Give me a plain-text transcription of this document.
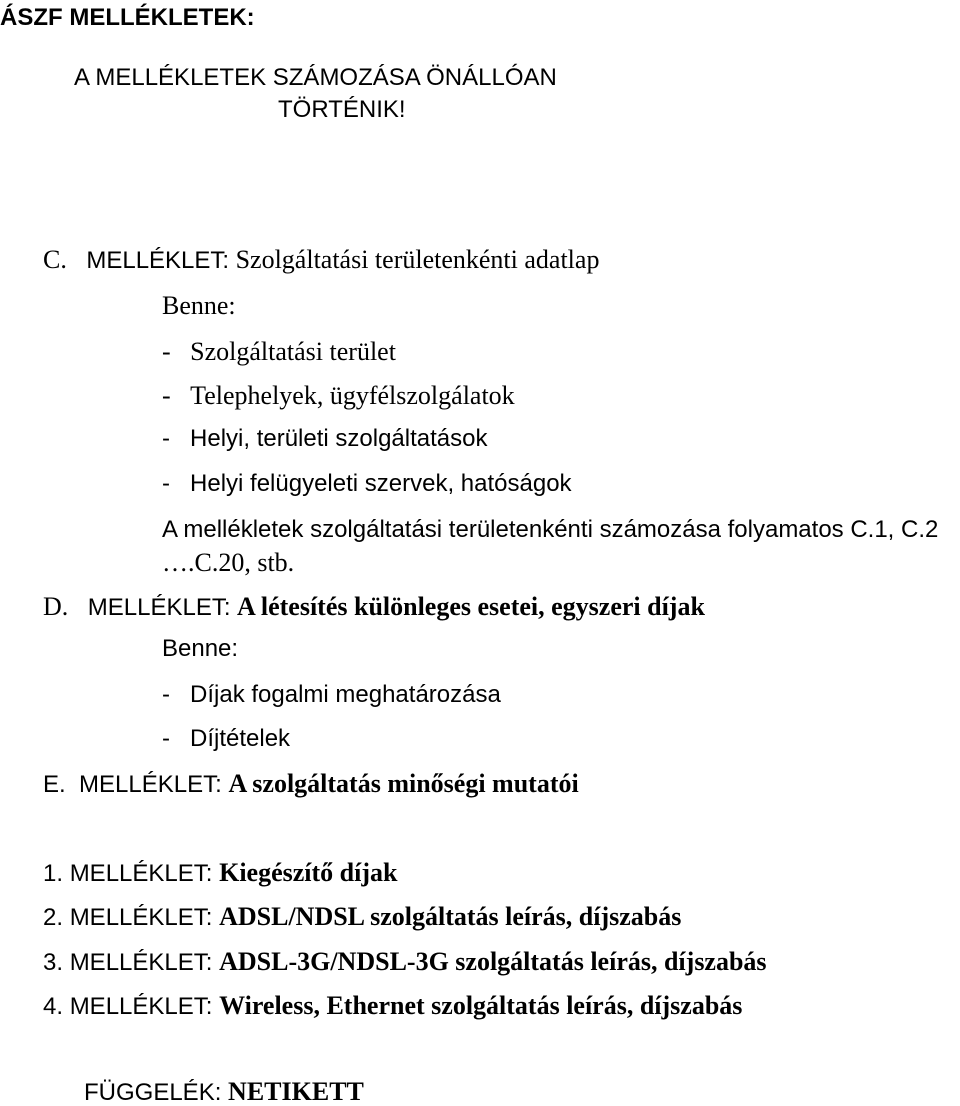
ÁSZF MELLÉKLETEK:
A MELLÉKLETEK SZÁMOZÁSA ÖNÁLLÓAN
TÖRTÉNIK!
C. MELLÉKLET: Szolgáltatási területenkénti adatlap
Benne:
- Szolgáltatási terület
- Telephelyek, ügyfélszolgálatok
- Helyi, területi szolgáltatások
- Helyi felügyeleti szervek, hatóságok
A mellékletek szolgáltatási területenkénti számozása folyamatos C.1, C.2
….C.20, stb.
D. MELLÉKLET: A létesítés különleges esetei, egyszeri díjak
Benne:
- Díjak fogalmi meghatározása
- Díjtételek
E. MELLÉKLET: A szolgáltatás minőségi mutatói
1. MELLÉKLET: Kiegészítő díjak
2. MELLÉKLET: ADSL/NDSL szolgáltatás leírás, díjszabás
3. MELLÉKLET: ADSL-3G/NDSL-3G szolgáltatás leírás, díjszabás
4. MELLÉKLET: Wireless, Ethernet szolgáltatás leírás, díjszabás
FÜGGELÉK: NETIKETT
